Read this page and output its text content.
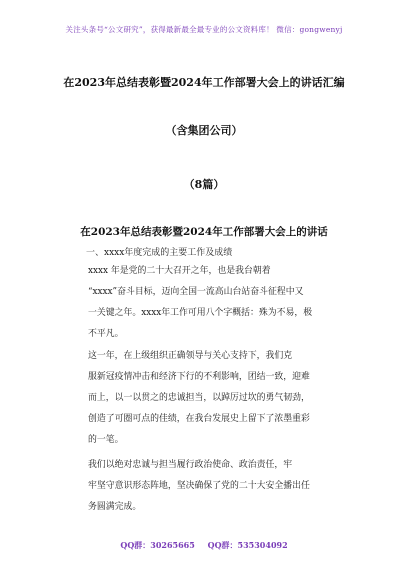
关注头条号“公文研究”，获得最新最全最专业的公文资料库！ 微信：gongwenyj
在2023年总结表彰暨2024年工作部署大会上的讲话汇编
（含集团公司）
（8篇）
在2023年总结表彰暨2024年工作部署大会上的讲话
一、xxxx年度完成的主要工作及成绩
xxxx 年是党的二十大召开之年，也是我台朝着
“xxxx”奋斗目标，迈向全国一流高山台站奋斗征程中又
一关键之年。xxxx年工作可用八个字概括：殊为不易，极
不平凡。
这一年，在上级组织正确领导与关心支持下，我们克
服新冠疫情冲击和经济下行的不利影响，团结一致，迎难
而上，以一以贯之的忠诚担当，以踔厉过坎的勇气韧劲，
创造了可圈可点的佳绩，在我台发展史上留下了浓墨重彩
的一笔。
我们以绝对忠诚与担当履行政治使命、政治责任，牢
牢坚守意识形态阵地，坚决确保了党的二十大安全播出任
务圆满完成。
QQ群：30265665 QQ群：535304092
